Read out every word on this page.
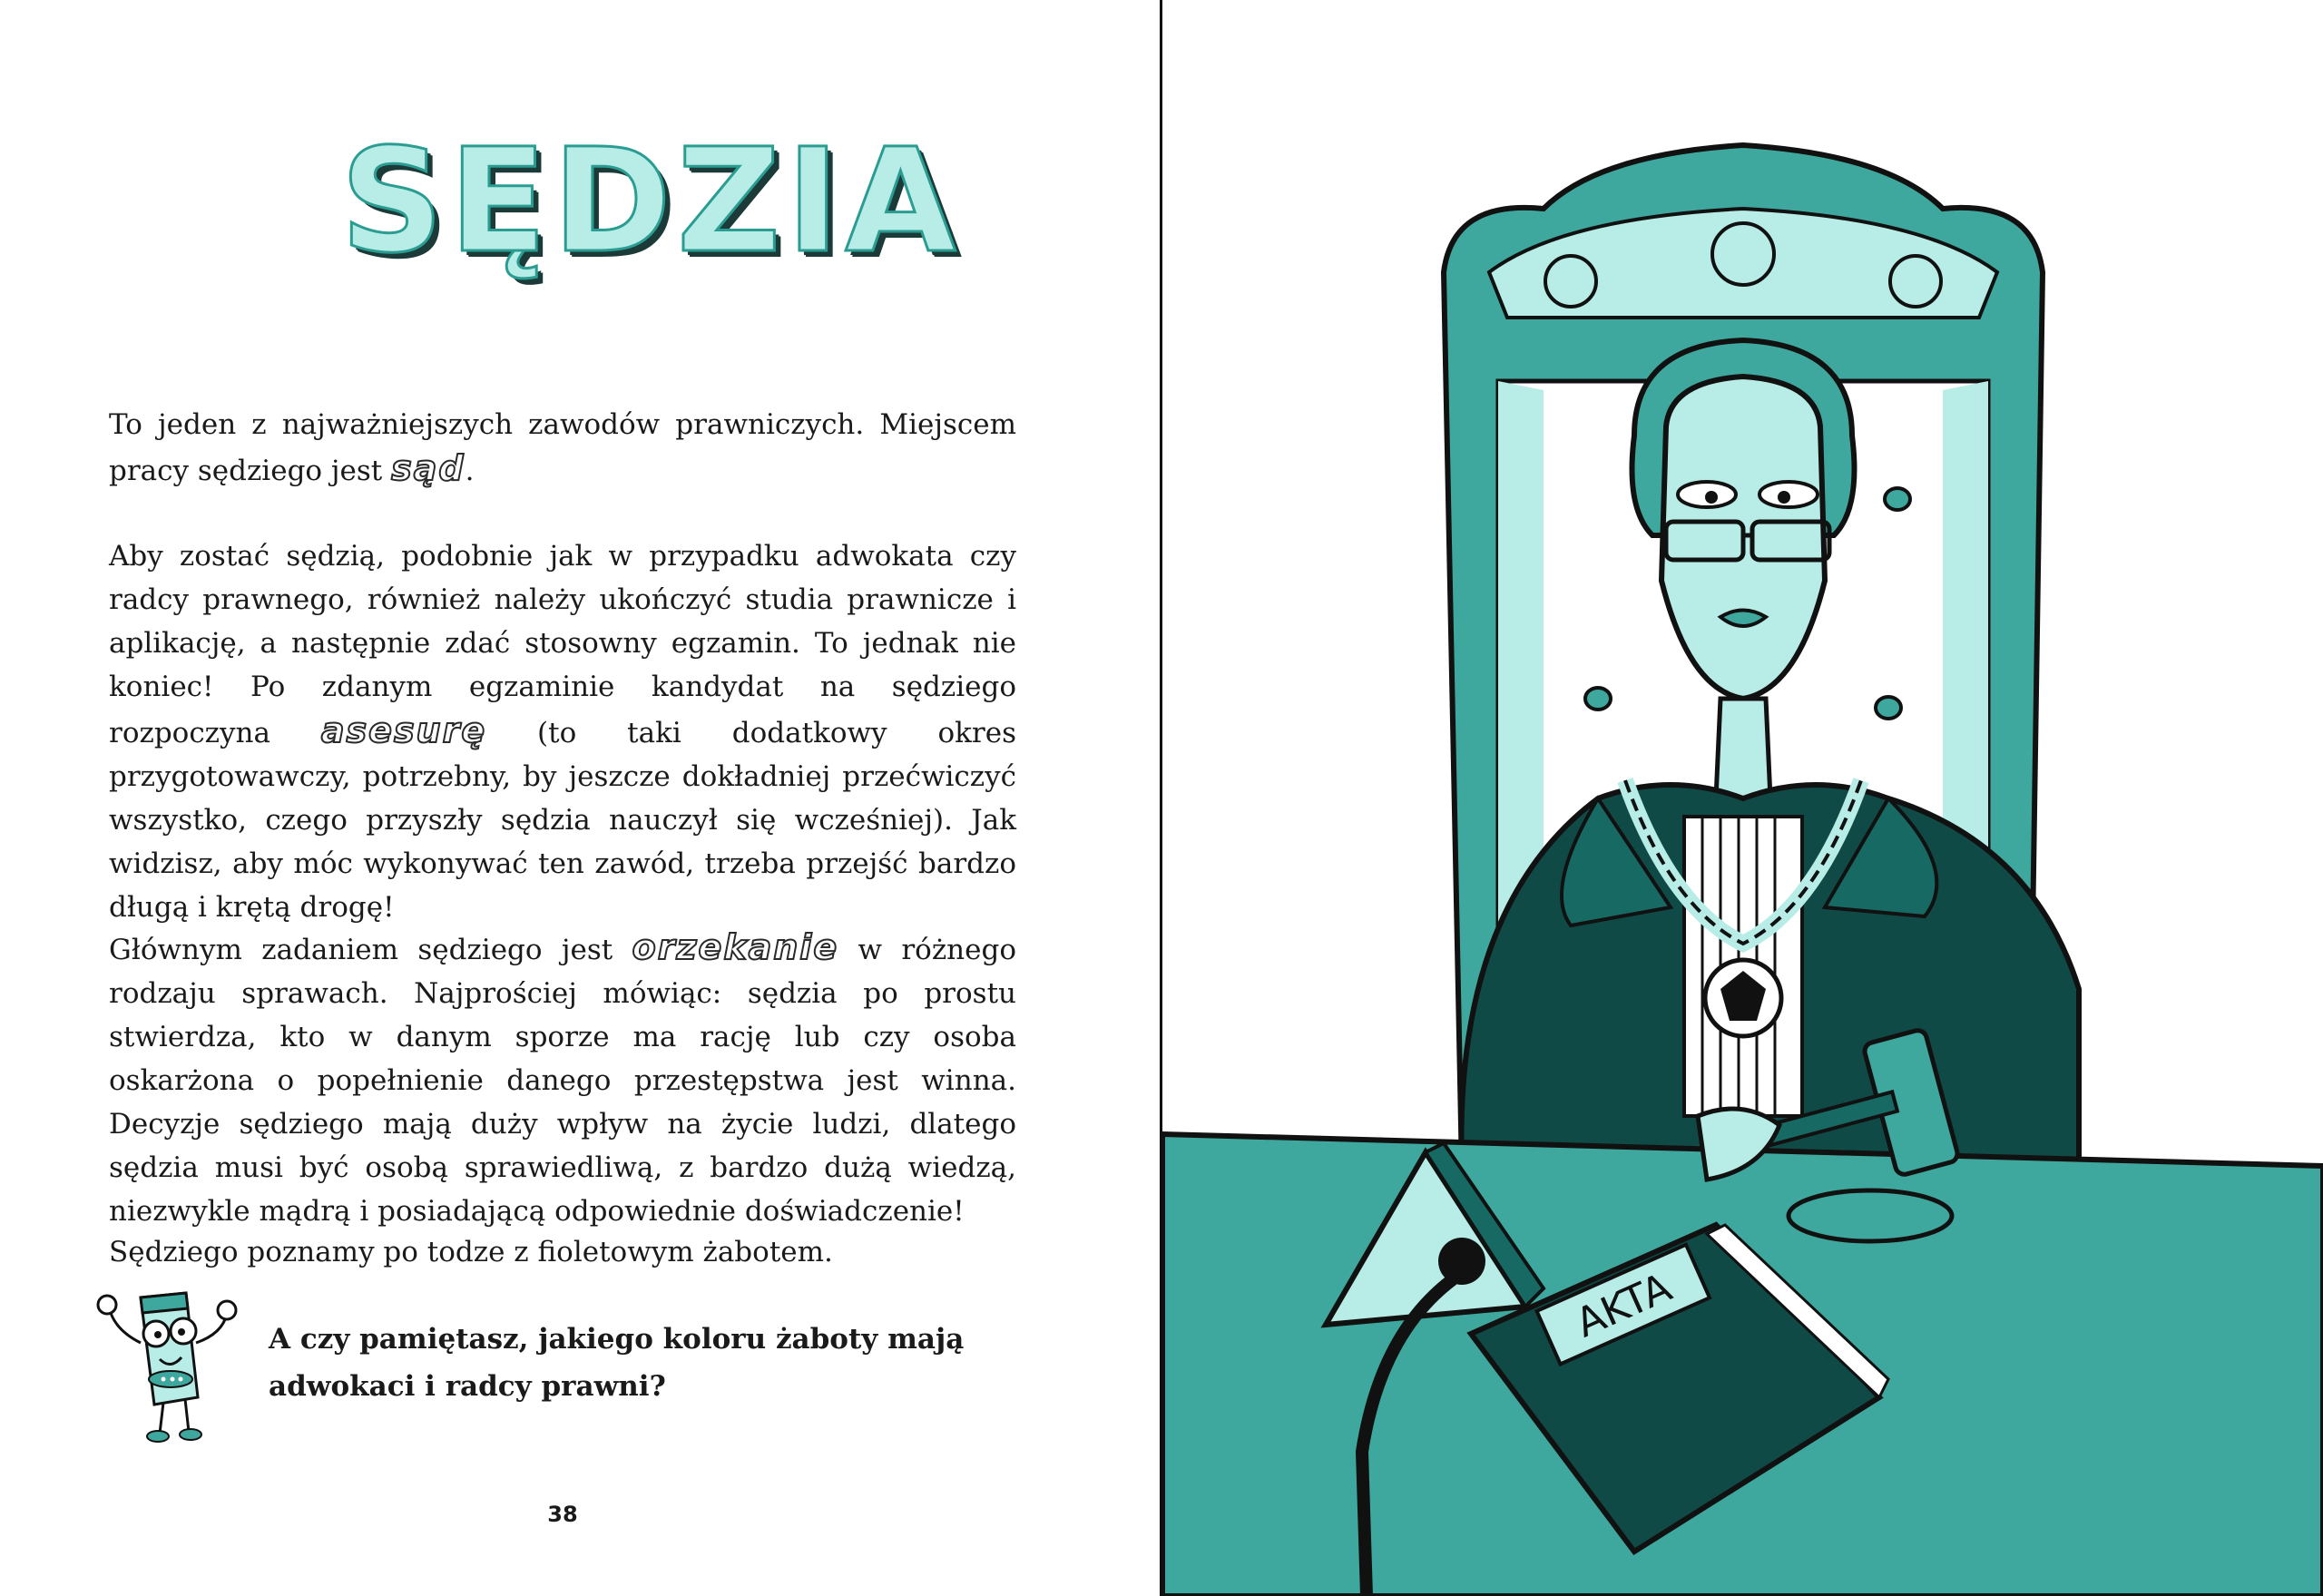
SĘDZIA

To jeden z najważniejszych zawodów prawniczych. Miejscem pracy sędziego jest sąd.

Aby zostać sędzią, podobnie jak w przypadku adwokata czy radcy prawnego, również należy ukończyć studia prawnicze i aplikację, a następnie zdać stosowny egzamin. To jednak nie koniec! Po zdanym egzaminie kandydat na sędziego rozpoczyna asesurę (to taki dodatkowy okres przygotowawczy, potrzebny, by jeszcze dokładniej przećwiczyć wszystko, czego przyszły sędzia nauczył się wcześniej). Jak widzisz, aby móc wykonywać ten zawód, trzeba przejść bardzo długą i krętą drogę!

Głównym zadaniem sędziego jest orzekanie w różnego rodzaju sprawach. Najprościej mówiąc: sędzia po prostu stwierdza, kto w danym sporze ma rację lub czy osoba oskarżona o popełnienie danego przestępstwa jest winna. Decyzje sędziego mają duży wpływ na życie ludzi, dlatego sędzia musi być osobą sprawiedliwą, z bardzo dużą wiedzą, niezwykle mądrą i posiadającą odpowiednie doświadczenie!

Sędziego poznamy po todze z fioletowym żabotem.

A czy pamiętasz, jakiego koloru żaboty mają adwokaci i radcy prawni?

38
AKTA
